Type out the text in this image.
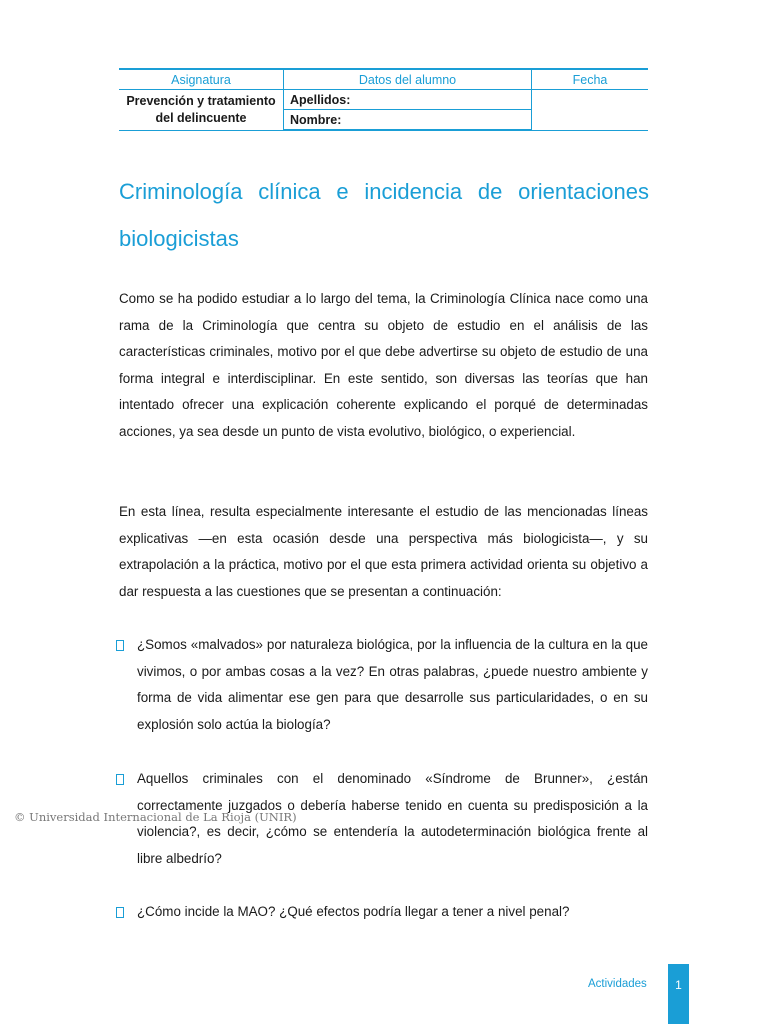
Asignatura	Datos del alumno	Fecha
Prevención y tratamiento del delincuente	Apellidos:	
	Nombre:	
Criminología clínica e incidencia de orientaciones biologicistas

Como se ha podido estudiar a lo largo del tema, la Criminología Clínica nace como una rama de la Criminología que centra su objeto de estudio en el análisis de las características criminales, motivo por el que debe advertirse su objeto de estudio de una forma integral e interdisciplinar. En este sentido, son diversas las teorías que han intentado ofrecer una explicación coherente explicando el porqué de determinadas acciones, ya sea desde un punto de vista evolutivo, biológico, o experiencial.

En esta línea, resulta especialmente interesante el estudio de las mencionadas líneas explicativas —en esta ocasión desde una perspectiva más biologicista—, y su extrapolación a la práctica, motivo por el que esta primera actividad orienta su objetivo a dar respuesta a las cuestiones que se presentan a continuación:

¿Somos «malvados» por naturaleza biológica, por la influencia de la cultura en la que vivimos, o por ambas cosas a la vez? En otras palabras, ¿puede nuestro ambiente y forma de vida alimentar ese gen para que desarrolle sus particularidades, o en su explosión solo actúa la biología?

Aquellos criminales con el denominado «Síndrome de Brunner», ¿están correctamente juzgados o debería haberse tenido en cuenta su predisposición a la violencia?, es decir, ¿cómo se entendería la autodeterminación biológica frente al libre albedrío?

¿Cómo incide la MAO? ¿Qué efectos podría llegar a tener a nivel penal?

© Universidad Internacional de La Rioja (UNIR)
Actividades	1
